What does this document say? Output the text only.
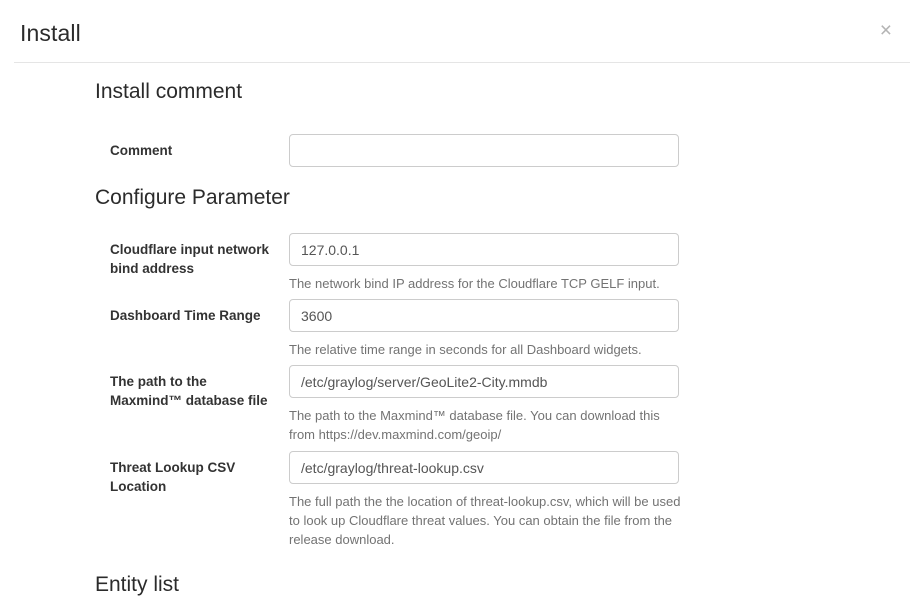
Install	×
Install comment
Comment
Configure Parameter
Cloudflare input network bind address
127.0.0.1
The network bind IP address for the Cloudflare TCP GELF input.
Dashboard Time Range
3600
The relative time range in seconds for all Dashboard widgets.
The path to the Maxmind™ database file
/etc/graylog/server/GeoLite2-City.mmdb
The path to the Maxmind™ database file. You can download this from https://dev.maxmind.com/geoip/
Threat Lookup CSV Location
/etc/graylog/threat-lookup.csv
The full path the the location of threat-lookup.csv, which will be used to look up Cloudflare threat values. You can obtain the file from the release download.
Entity list
